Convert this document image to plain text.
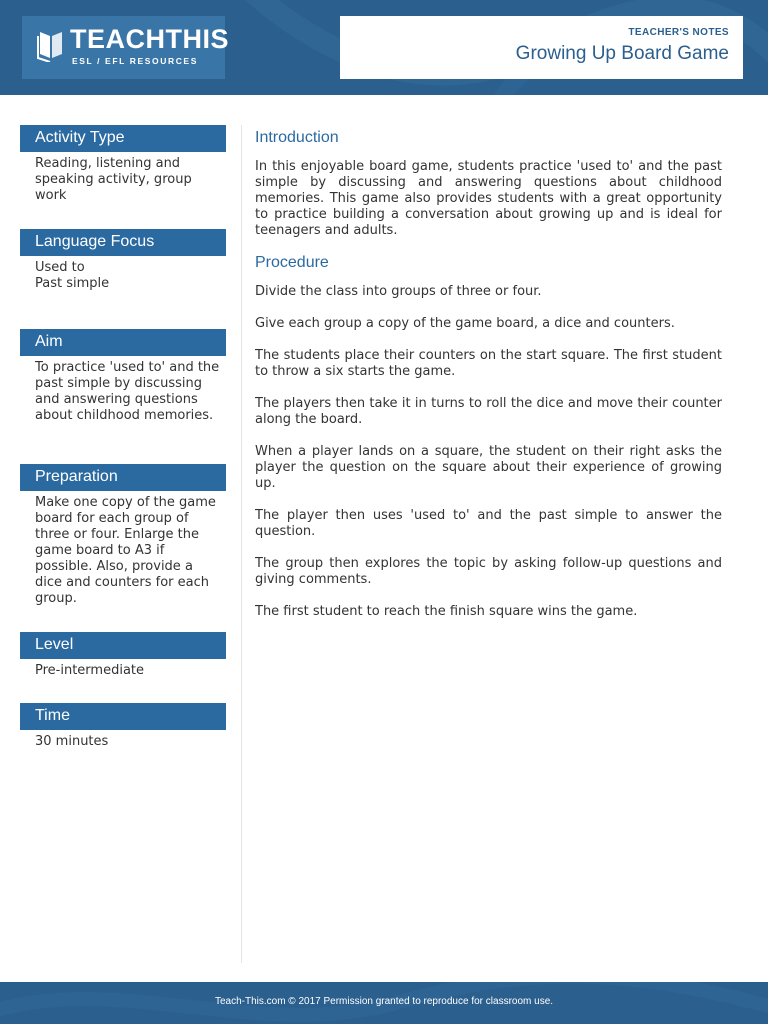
TEACHTHIS
ESL / EFL RESOURCES
TEACHER'S NOTES
Growing Up Board Game
Activity Type
Reading, listening and speaking activity, group work
Language Focus

Used to

Past simple

Aim
To practice 'used to' and the past simple by discussing and answering questions about childhood memories.
Preparation
Make one copy of the game board for each group of three or four. Enlarge the game board to A3 if possible. Also, provide a dice and counters for each group.
Level
Pre-intermediate
Time
30 minutes
Introduction

In this enjoyable board game, students practice 'used to' and the past simple by discussing and answering questions about childhood memories. This game also provides students with a great opportunity to practice building a conversation about growing up and is ideal for teenagers and adults.

Procedure

Divide the class into groups of three or four.

Give each group a copy of the game board, a dice and counters.

The students place their counters on the start square. The first student to throw a six starts the game.

The players then take it in turns to roll the dice and move their counter along the board.

When a player lands on a square, the student on their right asks the player the question on the square about their experience of growing up.

The player then uses 'used to' and the past simple to answer the question.

The group then explores the topic by asking follow-up questions and giving comments.

The first student to reach the finish square wins the game.

Teach-This.com © 2017 Permission granted to reproduce for classroom use.
